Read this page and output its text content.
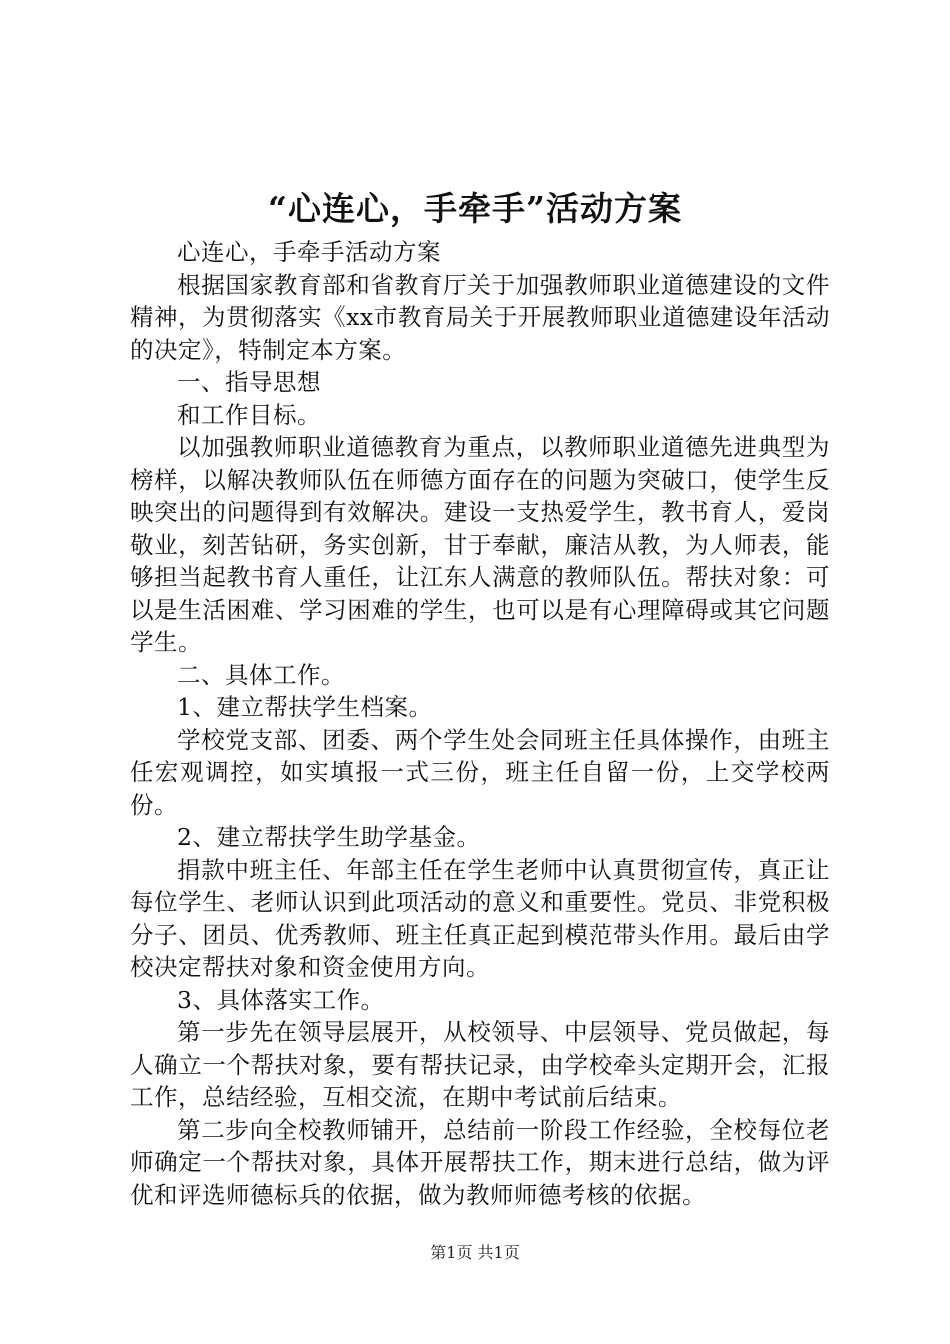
“心连心，手牵手”活动方案

心连心，手牵手活动方案

根据国家教育部和省教育厅关于加强教师职业道德建设的文件精神，为贯彻落实《xx市教育局关于开展教师职业道德建设年活动的决定》，特制定本方案。

一、指导思想

和工作目标。

以加强教师职业道德教育为重点，以教师职业道德先进典型为榜样，以解决教师队伍在师德方面存在的问题为突破口，使学生反映突出的问题得到有效解决。建设一支热爱学生，教书育人，爱岗敬业，刻苦钻研，务实创新，甘于奉献，廉洁从教，为人师表，能够担当起教书育人重任，让江东人满意的教师队伍。帮扶对象：可以是生活困难、学习困难的学生，也可以是有心理障碍或其它问题学生。

二、具体工作。

1、建立帮扶学生档案。

学校党支部、团委、两个学生处会同班主任具体操作，由班主任宏观调控，如实填报一式三份，班主任自留一份，上交学校两份。

2、建立帮扶学生助学基金。

捐款中班主任、年部主任在学生老师中认真贯彻宣传，真正让每位学生、老师认识到此项活动的意义和重要性。党员、非党积极分子、团员、优秀教师、班主任真正起到模范带头作用。最后由学校决定帮扶对象和资金使用方向。

3、具体落实工作。

第一步先在领导层展开，从校领导、中层领导、党员做起，每人确立一个帮扶对象，要有帮扶记录，由学校牵头定期开会，汇报工作，总结经验，互相交流，在期中考试前后结束。

第二步向全校教师铺开，总结前一阶段工作经验，全校每位老师确定一个帮扶对象，具体开展帮扶工作，期末进行总结，做为评优和评选师德标兵的依据，做为教师师德考核的依据。

第1页 共1页
